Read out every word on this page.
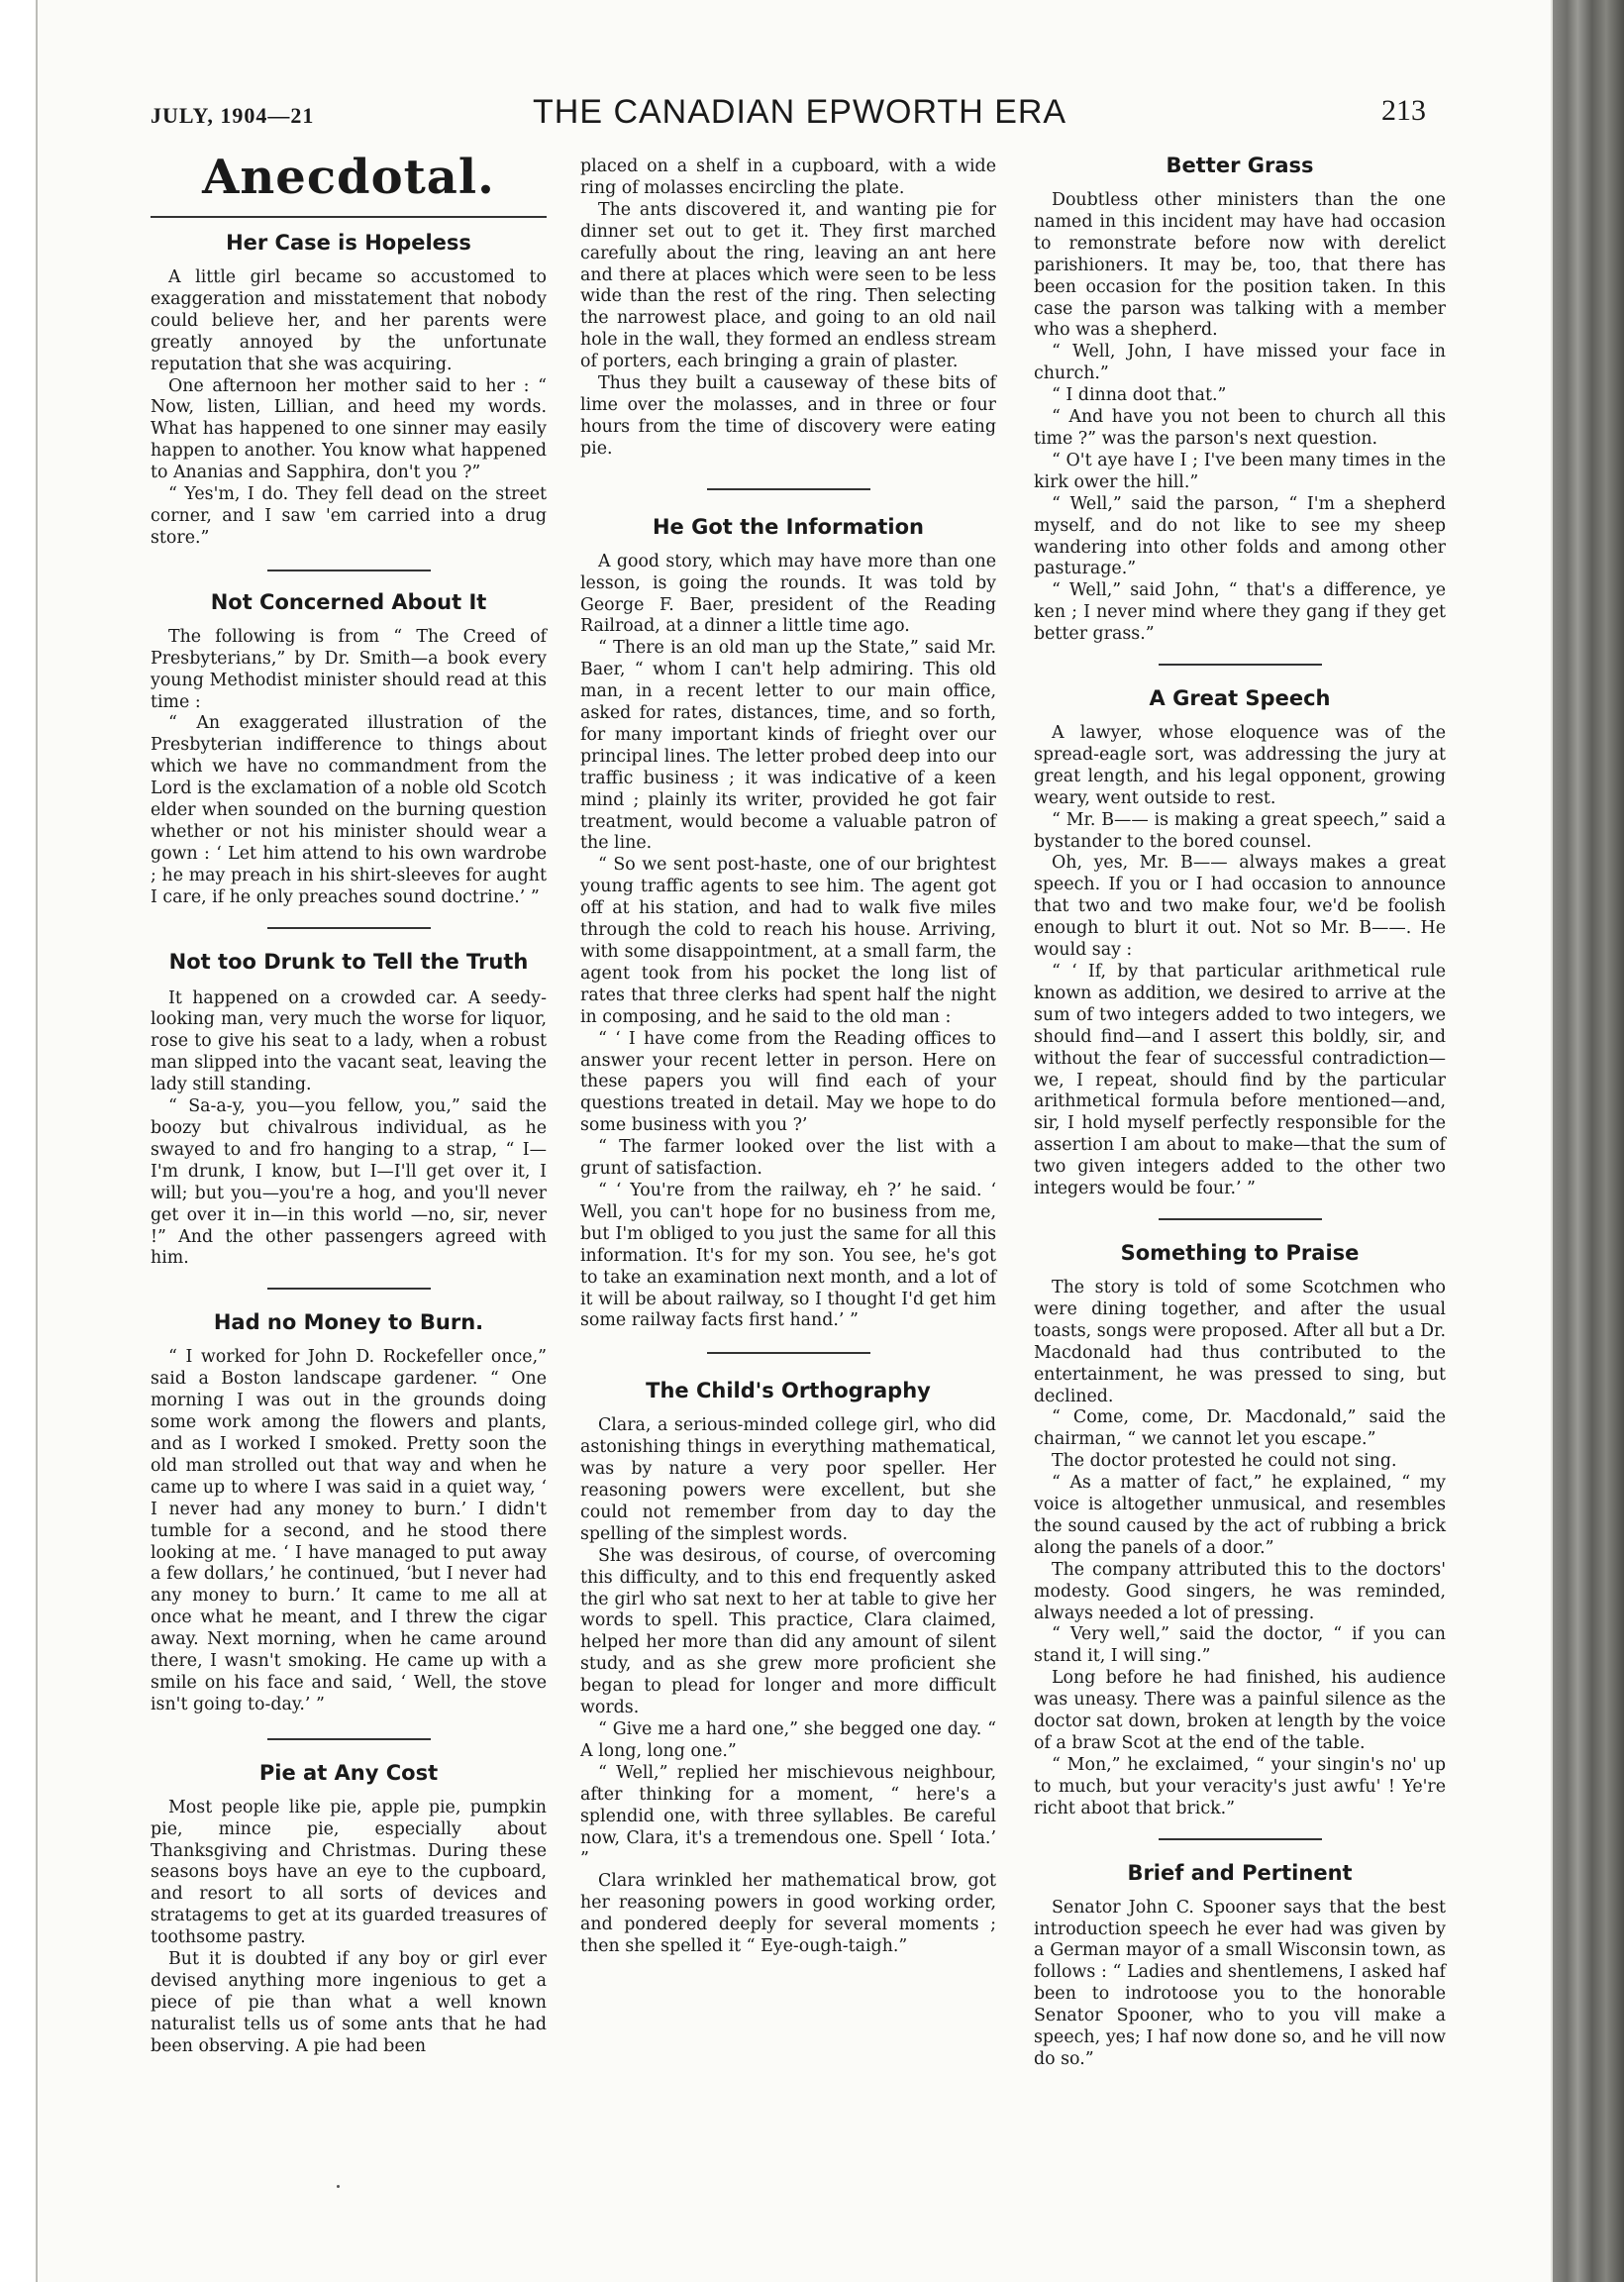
JULY, 1904—21	THE CANADIAN EPWORTH ERA	213
Anecdotal.
Her Case is Hopeless

A little girl became so accustomed to exaggeration and misstatement that nobody could believe her, and her parents were greatly annoyed by the unfortunate reputation that she was acquiring.

One afternoon her mother said to her : “ Now, listen, Lillian, and heed my words. What has happened to one sinner may easily happen to another. You know what happened to Ananias and Sapphira, don't you ?”

“ Yes'm, I do. They fell dead on the street corner, and I saw 'em carried into a drug store.”

Not Concerned About It

The following is from “ The Creed of Presbyterians,” by Dr. Smith—a book every young Methodist minister should read at this time :

“ An exaggerated illustration of the Presbyterian indifference to things about which we have no commandment from the Lord is the exclamation of a noble old Scotch elder when sounded on the burning question whether or not his minister should wear a gown : ‘ Let him attend to his own wardrobe ; he may preach in his shirt-sleeves for aught I care, if he only preaches sound doctrine.’ ”

Not too Drunk to Tell the Truth

It happened on a crowded car. A seedy-looking man, very much the worse for liquor, rose to give his seat to a lady, when a robust man slipped into the vacant seat, leaving the lady still standing.

“ Sa-a-y, you—you fellow, you,” said the boozy but chivalrous individual, as he swayed to and fro hanging to a strap, “ I—I'm drunk, I know, but I—I'll get over it, I will; but you—you're a hog, and you'll never get over it in—in this world —no, sir, never !” And the other passengers agreed with him.

Had no Money to Burn.

“ I worked for John D. Rockefeller once,” said a Boston landscape gardener. “ One morning I was out in the grounds doing some work among the flowers and plants, and as I worked I smoked. Pretty soon the old man strolled out that way and when he came up to where I was said in a quiet way, ‘ I never had any money to burn.’ I didn't tumble for a second, and he stood there looking at me. ‘ I have managed to put away a few dollars,’ he continued, ‘but I never had any money to burn.’ It came to me all at once what he meant, and I threw the cigar away. Next morning, when he came around there, I wasn't smoking. He came up with a smile on his face and said, ‘ Well, the stove isn't going to-day.’ ”

Pie at Any Cost

Most people like pie, apple pie, pumpkin pie, mince pie, especially about Thanksgiving and Christmas. During these seasons boys have an eye to the cupboard, and resort to all sorts of devices and stratagems to get at its guarded treasures of toothsome pastry.

But it is doubted if any boy or girl ever devised anything more ingenious to get a piece of pie than what a well known naturalist tells us of some ants that he had been observing. A pie had been

placed on a shelf in a cupboard, with a wide ring of molasses encircling the plate.

The ants discovered it, and wanting pie for dinner set out to get it. They first marched carefully about the ring, leaving an ant here and there at places which were seen to be less wide than the rest of the ring. Then selecting the narrowest place, and going to an old nail hole in the wall, they formed an endless stream of porters, each bringing a grain of plaster.

Thus they built a causeway of these bits of lime over the molasses, and in three or four hours from the time of discovery were eating pie.

He Got the Information

A good story, which may have more than one lesson, is going the rounds. It was told by George F. Baer, president of the Reading Railroad, at a dinner a little time ago.

“ There is an old man up the State,” said Mr. Baer, “ whom I can't help admiring. This old man, in a recent letter to our main office, asked for rates, distances, time, and so forth, for many important kinds of frieght over our principal lines. The letter probed deep into our traffic business ; it was indicative of a keen mind ; plainly its writer, provided he got fair treatment, would become a valuable patron of the line.

“ So we sent post-haste, one of our brightest young traffic agents to see him. The agent got off at his station, and had to walk five miles through the cold to reach his house. Arriving, with some disappointment, at a small farm, the agent took from his pocket the long list of rates that three clerks had spent half the night in composing, and he said to the old man :

“ ‘ I have come from the Reading offices to answer your recent letter in person. Here on these papers you will find each of your questions treated in detail. May we hope to do some business with you ?’

“ The farmer looked over the list with a grunt of satisfaction.

“ ‘ You're from the railway, eh ?’ he said. ‘ Well, you can't hope for no business from me, but I'm obliged to you just the same for all this information. It's for my son. You see, he's got to take an examination next month, and a lot of it will be about railway, so I thought I'd get him some railway facts first hand.’ ”

The Child's Orthography

Clara, a serious-minded college girl, who did astonishing things in everything mathematical, was by nature a very poor speller. Her reasoning powers were excellent, but she could not remember from day to day the spelling of the simplest words.

She was desirous, of course, of overcoming this difficulty, and to this end frequently asked the girl who sat next to her at table to give her words to spell. This practice, Clara claimed, helped her more than did any amount of silent study, and as she grew more proficient she began to plead for longer and more difficult words.

“ Give me a hard one,” she begged one day. “ A long, long one.”

“ Well,” replied her mischievous neighbour, after thinking for a moment, “ here's a splendid one, with three syllables. Be careful now, Clara, it's a tremendous one. Spell ‘ Iota.’ ”

Clara wrinkled her mathematical brow, got her reasoning powers in good working order, and pondered deeply for several moments ; then she spelled it “ Eye-ough-taigh.”

Better Grass

Doubtless other ministers than the one named in this incident may have had occasion to remonstrate before now with derelict parishioners. It may be, too, that there has been occasion for the position taken. In this case the parson was talking with a member who was a shepherd.

“ Well, John, I have missed your face in church.”

“ I dinna doot that.”

“ And have you not been to church all this time ?” was the parson's next question.

“ O't aye have I ; I've been many times in the kirk ower the hill.”

“ Well,” said the parson, “ I'm a shepherd myself, and do not like to see my sheep wandering into other folds and among other pasturage.”

“ Well,” said John, “ that's a difference, ye ken ; I never mind where they gang if they get better grass.”

A Great Speech

A lawyer, whose eloquence was of the spread-eagle sort, was addressing the jury at great length, and his legal opponent, growing weary, went outside to rest.

“ Mr. B—— is making a great speech,” said a bystander to the bored counsel.

Oh, yes, Mr. B—— always makes a great speech. If you or I had occasion to announce that two and two make four, we'd be foolish enough to blurt it out. Not so Mr. B——. He would say :

“ ‘ If, by that particular arithmetical rule known as addition, we desired to arrive at the sum of two integers added to two integers, we should find—and I assert this boldly, sir, and without the fear of successful contradiction—we, I repeat, should find by the particular arithmetical formula before mentioned—and, sir, I hold myself perfectly responsible for the assertion I am about to make—that the sum of two given integers added to the other two integers would be four.’ ”

Something to Praise

The story is told of some Scotchmen who were dining together, and after the usual toasts, songs were proposed. After all but a Dr. Macdonald had thus contributed to the entertainment, he was pressed to sing, but declined.

“ Come, come, Dr. Macdonald,” said the chairman, “ we cannot let you escape.”

The doctor protested he could not sing.

“ As a matter of fact,” he explained, “ my voice is altogether unmusical, and resembles the sound caused by the act of rubbing a brick along the panels of a door.”

The company attributed this to the doctors' modesty. Good singers, he was reminded, always needed a lot of pressing.

“ Very well,” said the doctor, “ if you can stand it, I will sing.”

Long before he had finished, his audience was uneasy. There was a painful silence as the doctor sat down, broken at length by the voice of a braw Scot at the end of the table.

“ Mon,” he exclaimed, “ your singin's no' up to much, but your veracity's just awfu' ! Ye're richt aboot that brick.”

Brief and Pertinent

Senator John C. Spooner says that the best introduction speech he ever had was given by a German mayor of a small Wisconsin town, as follows : “ Ladies and shentlemens, I asked haf been to indrotoose you to the honorable Senator Spooner, who to you vill make a speech, yes; I haf now done so, and he vill now do so.”
